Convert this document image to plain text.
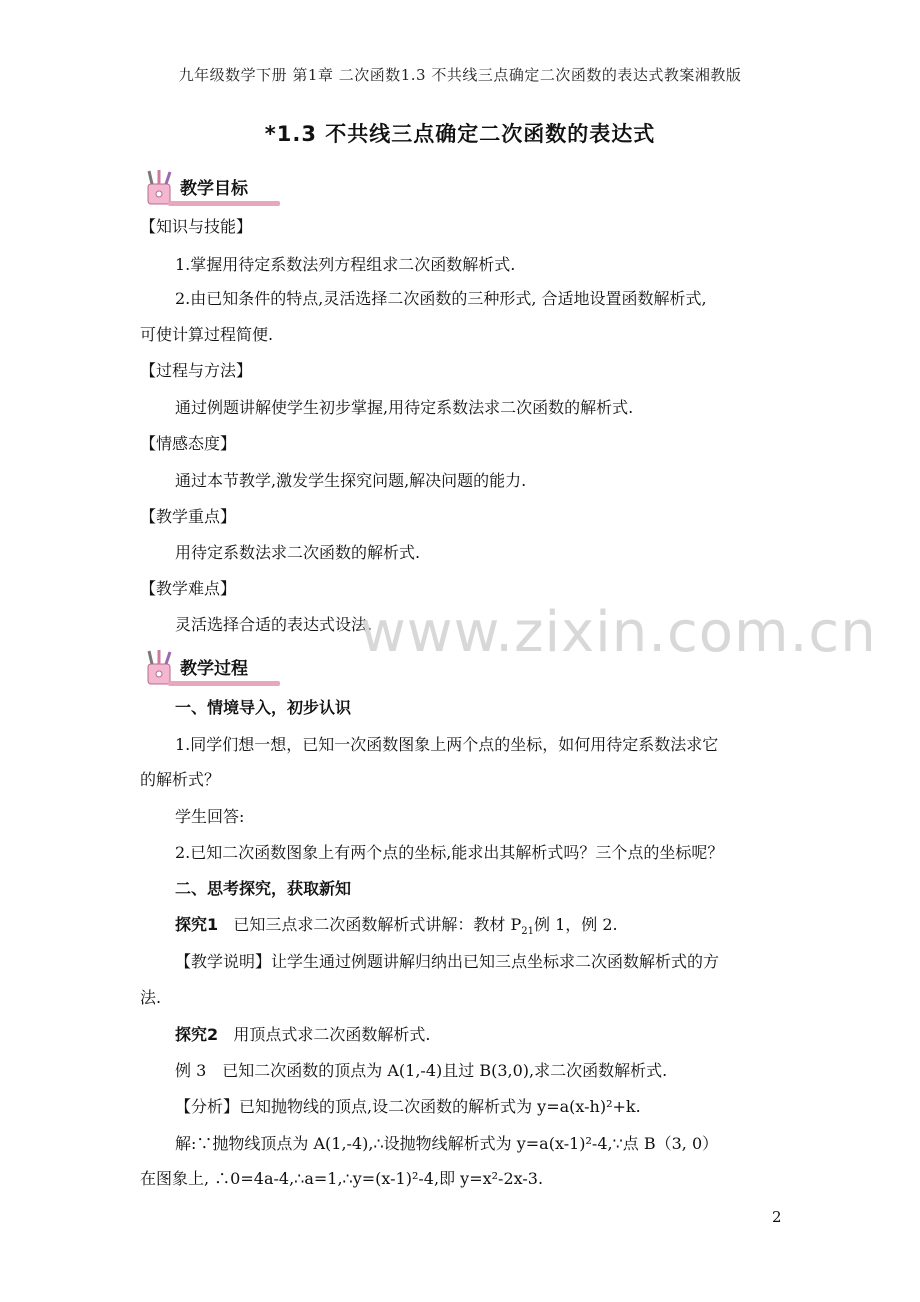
九年级数学下册 第1章 二次函数1.3 不共线三点确定二次函数的表达式教案湘教版
*1.3 不共线三点确定二次函数的表达式
教学目标
【知识与技能】
1.掌握用待定系数法列方程组求二次函数解析式.
2.由已知条件的特点,灵活选择二次函数的三种形式, 合适地设置函数解析式,
可使计算过程简便.
【过程与方法】
通过例题讲解使学生初步掌握,用待定系数法求二次函数的解析式.
【情感态度】
通过本节教学,激发学生探究问题,解决问题的能力.
【教学重点】
用待定系数法求二次函数的解析式.
【教学难点】
灵活选择合适的表达式设法.
www.zixin.com.cn
教学过程
一、情境导入，初步认识
1.同学们想一想，已知一次函数图象上两个点的坐标，如何用待定系数法求它
的解析式？
学生回答:
2.已知二次函数图象上有两个点的坐标,能求出其解析式吗？三个点的坐标呢？
二、思考探究，获取新知
探究1 已知三点求二次函数解析式讲解：教材 $P_{21}$例 1，例 2.
【教学说明】让学生通过例题讲解归纳出已知三点坐标求二次函数解析式的方
法.
探究2 用顶点式求二次函数解析式.
例 3　已知二次函数的顶点为 A(1,-4)且过 B(3,0),求二次函数解析式.
【分析】已知抛物线的顶点,设二次函数的解析式为 y=a(x-h)²+k.
解:∵抛物线顶点为 A(1,-4),∴设抛物线解析式为 y=a(x-1)²-4,∵点 B（3, 0）
在图象上, ∴0=4a-4,∴a=1,∴y=(x-1)²-4,即 y=x²-2x-3.
2
